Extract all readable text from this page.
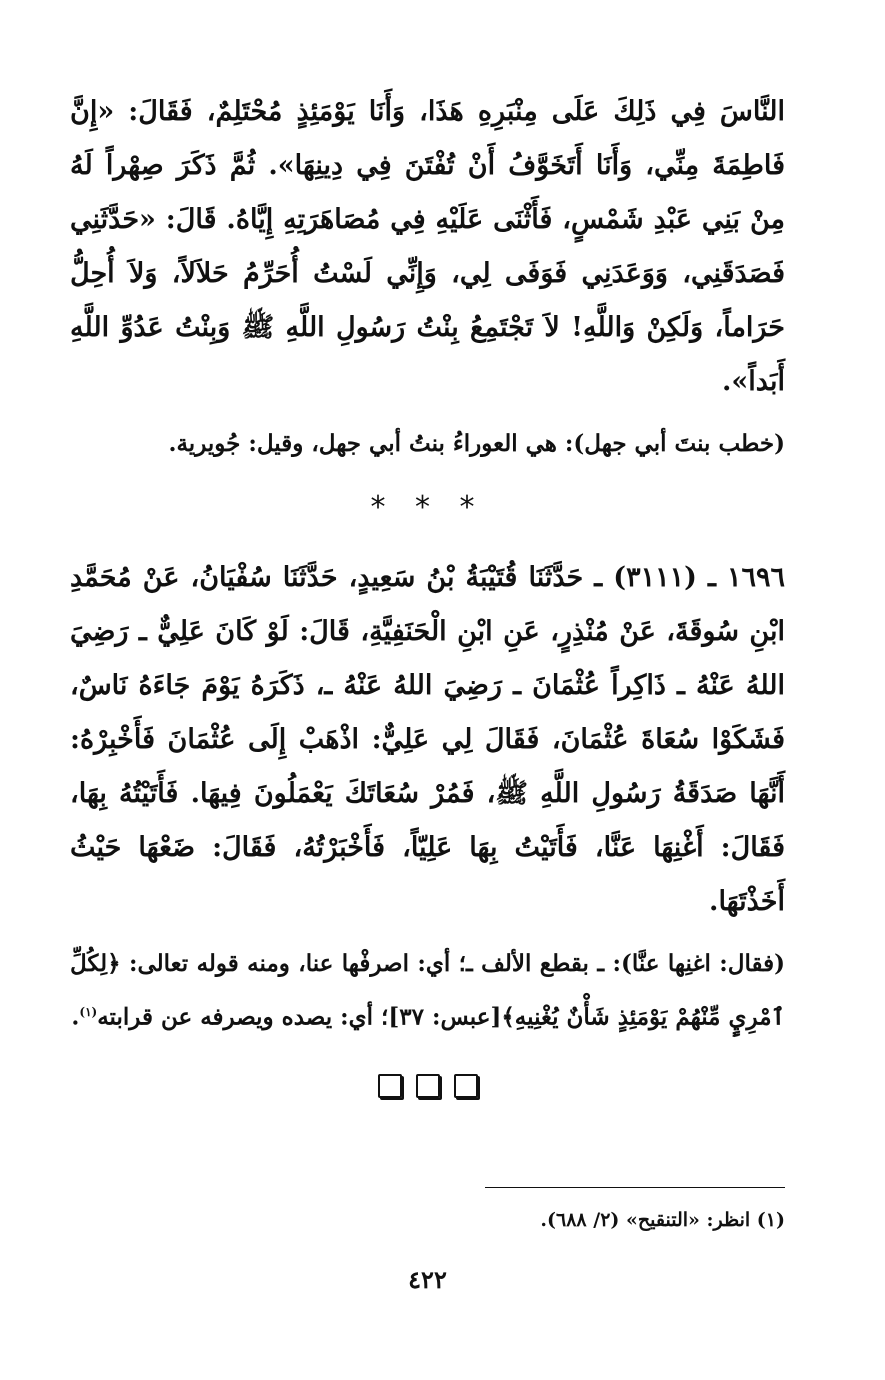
النَّاسَ فِي ذَلِكَ عَلَى مِنْبَرِهِ هَذَا، وَأَنَا يَوْمَئِذٍ مُحْتَلِمٌ، فَقَالَ: «إِنَّ فَاطِمَةَ مِنِّي، وَأَنَا أَتَخَوَّفُ أَنْ تُفْتَنَ فِي دِينِهَا». ثُمَّ ذَكَرَ صِهْراً لَهُ مِنْ بَنِي عَبْدِ شَمْسٍ، فَأَثْنَى عَلَيْهِ فِي مُصَاهَرَتِهِ إِيَّاهُ. قَالَ: «حَدَّثَنِي فَصَدَقَنِي، وَوَعَدَنِي فَوَفَى لِي، وَإِنِّي لَسْتُ أُحَرِّمُ حَلاَلاً، وَلاَ أُحِلُّ حَرَاماً، وَلَكِنْ وَاللَّهِ! لاَ تَجْتَمِعُ بِنْتُ رَسُولِ اللَّهِ ﷺ وَبِنْتُ عَدُوِّ اللَّهِ أَبَداً».

(خطب بنتَ أبي جهل): هي العوراءُ بنتُ أبي جهل، وقيل: جُويرية.

* * *

١٦٩٦ ـ (٣١١١) ـ حَدَّثَنَا قُتَيْبَةُ بْنُ سَعِيدٍ، حَدَّثَنَا سُفْيَانُ، عَنْ مُحَمَّدِ ابْنِ سُوقَةَ، عَنْ مُنْذِرٍ، عَنِ ابْنِ الْحَنَفِيَّةِ، قَالَ: لَوْ كَانَ عَلِيٌّ ـ رَضِيَ اللهُ عَنْهُ ـ ذَاكِراً عُثْمَانَ ـ رَضِيَ اللهُ عَنْهُ ـ، ذَكَرَهُ يَوْمَ جَاءَهُ نَاسٌ، فَشَكَوْا سُعَاةَ عُثْمَانَ، فَقَالَ لِي عَلِيٌّ: اذْهَبْ إِلَى عُثْمَانَ فَأَخْبِرْهُ: أَنَّهَا صَدَقَةُ رَسُولِ اللَّهِ ﷺ، فَمُرْ سُعَاتَكَ يَعْمَلُونَ فِيهَا. فَأَتَيْتُهُ بِهَا، فَقَالَ: أَغْنِهَا عَنَّا، فَأَتَيْتُ بِهَا عَلِيّاً، فَأَخْبَرْتُهُ، فَقَالَ: ضَعْهَا حَيْثُ أَخَذْتَهَا.

(فقال: اغنِها عنَّا): ـ بقطع الألف ـ؛ أي: اصرفْها عنا، ومنه قوله تعالى: ﴿لِكُلِّ ٱمْرِيٍٕ مِّنْهُمْ يَوْمَئِذٍ شَأْنٌ يُغْنِيهِ﴾[عبس: ٣٧]؛ أي: يصده ويصرفه عن قرابته$^{(١)}$.

(١) انظر: «التنقيح» (٢/ ٦٨٨).
٤٢٢
